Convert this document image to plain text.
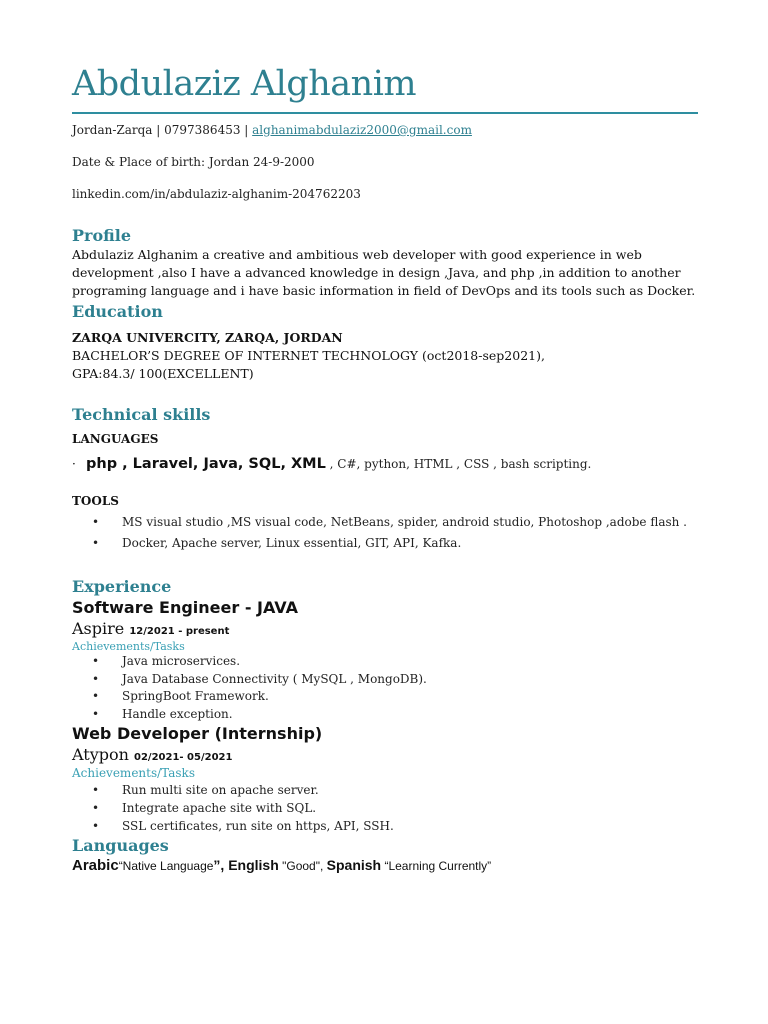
Abdulaziz Alghanim
Jordan-Zarqa | 0797386453 | alghanimabdulaziz2000@gmail.com
Date & Place of birth: Jordan 24-9-2000
linkedin.com/in/abdulaziz-alghanim-204762203
Profile
Abdulaziz Alghanim a creative and ambitious web developer with good experience in web
development ,also I have a advanced knowledge in design ,Java, and php ,in addition to another
programing language and i have basic information in field of DevOps and its tools such as Docker.
Education
ZARQA UNIVERCITY, ZARQA, JORDAN
BACHELOR’S DEGREE OF INTERNET TECHNOLOGY (oct2018-sep2021),
GPA:84.3/ 100(EXCELLENT)
Technical skills
LANGUAGES
· php , Laravel, Java, SQL, XML , C#, python, HTML , CSS , bash scripting.
TOOLS
• MS visual studio ,MS visual code, NetBeans, spider, android studio, Photoshop ,adobe flash .
• Docker, Apache server, Linux essential, GIT, API, Kafka.
Experience
Software Engineer - JAVA
Aspire 12/2021 - present
Achievements/Tasks
• Java microservices.
• Java Database Connectivity ( MySQL , MongoDB).
• SpringBoot Framework.
• Handle exception.
Web Developer (Internship)
Atypon 02/2021- 05/2021
Achievements/Tasks
• Run multi site on apache server.
• Integrate apache site with SQL.
• SSL certificates, run site on https, API, SSH.
Languages
Arabic“Native Language”, English "Good", Spanish “Learning Currently”
